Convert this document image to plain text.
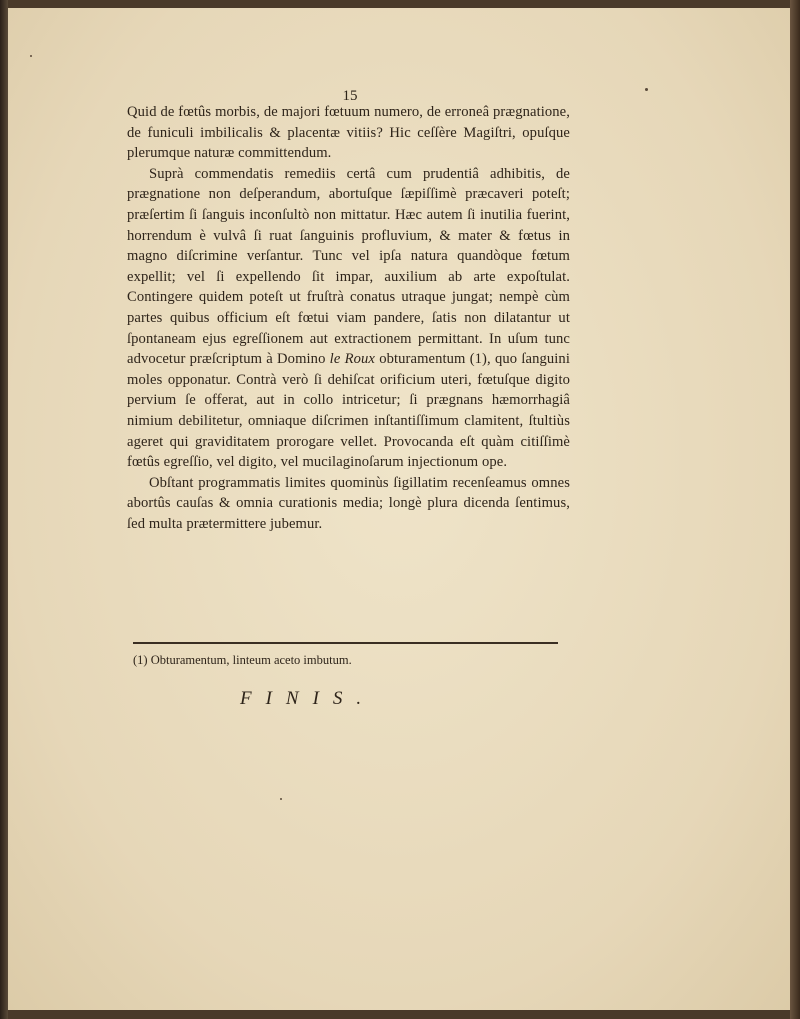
15

Quid de fœtûs morbis, de majori fœtuum numero, de erroneâ prægnatione, de funiculi imbilicalis & placentæ vitiis? Hic ceſſère Magiſtri, opuſque plerumque naturæ committendum.

Suprà commendatis remediis certâ cum prudentiâ adhibitis, de prægnatione non deſperandum, abortuſque ſæpiſſimè præcaveri poteſt; præſertim ſi ſanguis inconſultò non mittatur. Hæc autem ſi inutilia fuerint, horrendum è vulvâ ſi ruat ſanguinis profluvium, & mater & fœtus in magno diſcrimine verſantur. Tunc vel ipſa natura quandòque fœtum expellit; vel ſi expellendo ſit impar, auxilium ab arte expoſtulat. Contingere quidem poteſt ut fruſtrà conatus utraque jungat; nempè cùm partes quibus officium eſt fœtui viam pandere, ſatis non dilatantur ut ſpontaneam ejus egreſſionem aut extractionem permittant. In uſum tunc advocetur præſcriptum à Domino le Roux obturamentum (1), quo ſanguini moles opponatur. Contrà verò ſi dehiſcat orificium uteri, fœtuſque digito pervium ſe offerat, aut in collo intricetur; ſi prægnans hæmorrhagiâ nimium debilitetur, omniaque diſcrimen inſtantiſſimum clamitent, ſtultiùs ageret qui graviditatem prorogare vellet. Provocanda eſt quàm citiſſimè fœtûs egreſſio, vel digito, vel mucilaginoſarum injectionum ope.

Obſtant programmatis limites quominùs ſigillatim recenſeamus omnes abortûs cauſas & omnia curationis media; longè plura dicenda ſentimus, ſed multa prætermittere jubemur.

(1) Obturamentum, linteum aceto imbutum.
FINIS.
